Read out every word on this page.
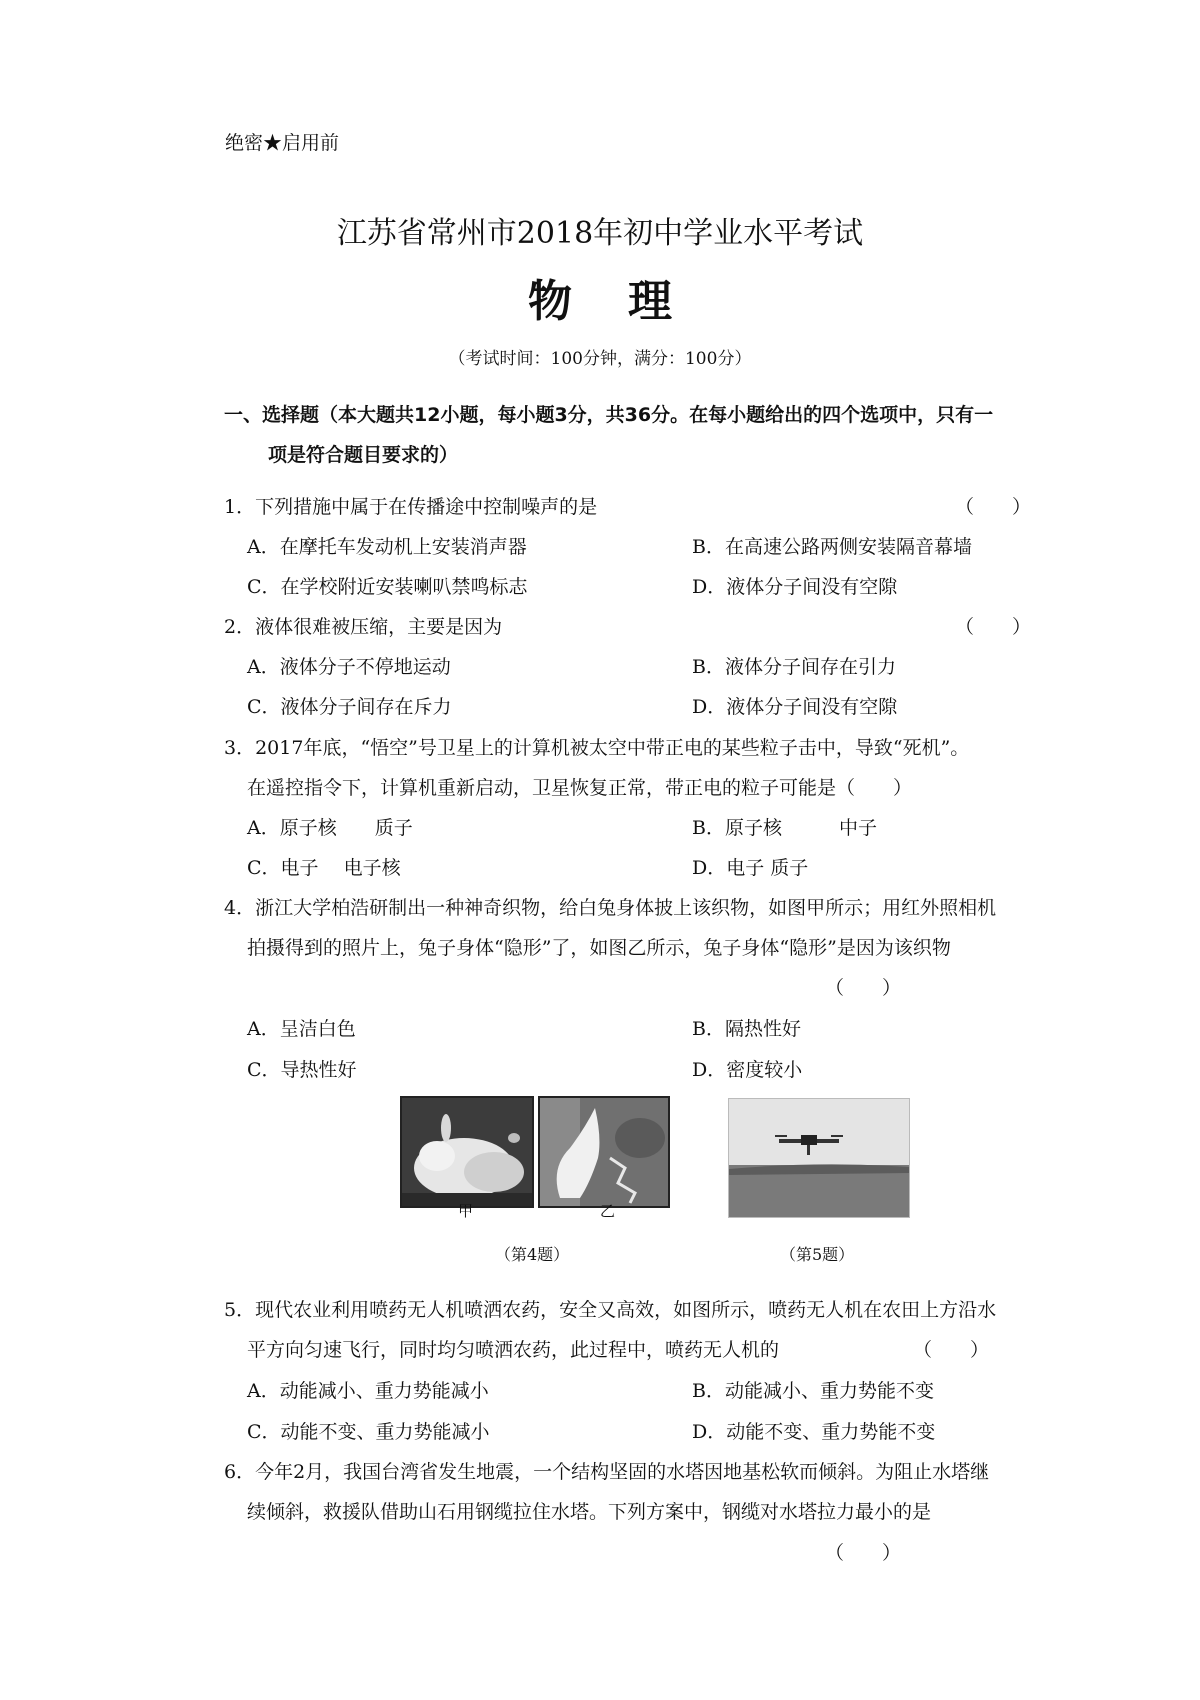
绝密★启用前
江苏省常州市2018年初中学业水平考试
物理
（考试时间：100分钟，满分：100分）
一、选择题（本大题共12小题，每小题3分，共36分。在每小题给出的四个选项中，只有一
项是符合题目要求的）
1．下列措施中属于在传播途中控制噪声的是	（　　）
A．在摩托车发动机上安装消声器	B．在高速公路两侧安装隔音幕墙
C．在学校附近安装喇叭禁鸣标志	D．液体分子间没有空隙
2．液体很难被压缩，主要是因为	（　　）
A．液体分子不停地运动	B．液体分子间存在引力
C．液体分子间存在斥力	D．液体分子间没有空隙
3．2017年底，“悟空”号卫星上的计算机被太空中带正电的某些粒子击中，导致“死机”。
在遥控指令下，计算机重新启动，卫星恢复正常，带正电的粒子可能是（　　）
A．原子核　　质子	B．原子核　　　中子
C．电子　 电子核	D．电子 质子
4．浙江大学柏浩研制出一种神奇织物，给白兔身体披上该织物，如图甲所示；用红外照相机
拍摄得到的照片上，兔子身体“隐形”了，如图乙所示，兔子身体“隐形”是因为该织物
（　　）
A．呈洁白色	B．隔热性好
C．导热性好	D．密度较小
甲	乙
（第4题）	（第5题）
5．现代农业利用喷药无人机喷洒农药，安全又高效，如图所示，喷药无人机在农田上方沿水
平方向匀速飞行，同时均匀喷洒农药，此过程中，喷药无人机的	（　　）
A．动能减小、重力势能减小	B．动能减小、重力势能不变
C．动能不变、重力势能减小	D．动能不变、重力势能不变
6．今年2月，我国台湾省发生地震，一个结构坚固的水塔因地基松软而倾斜。为阻止水塔继
续倾斜，救援队借助山石用钢缆拉住水塔。下列方案中，钢缆对水塔拉力最小的是
（　　）
